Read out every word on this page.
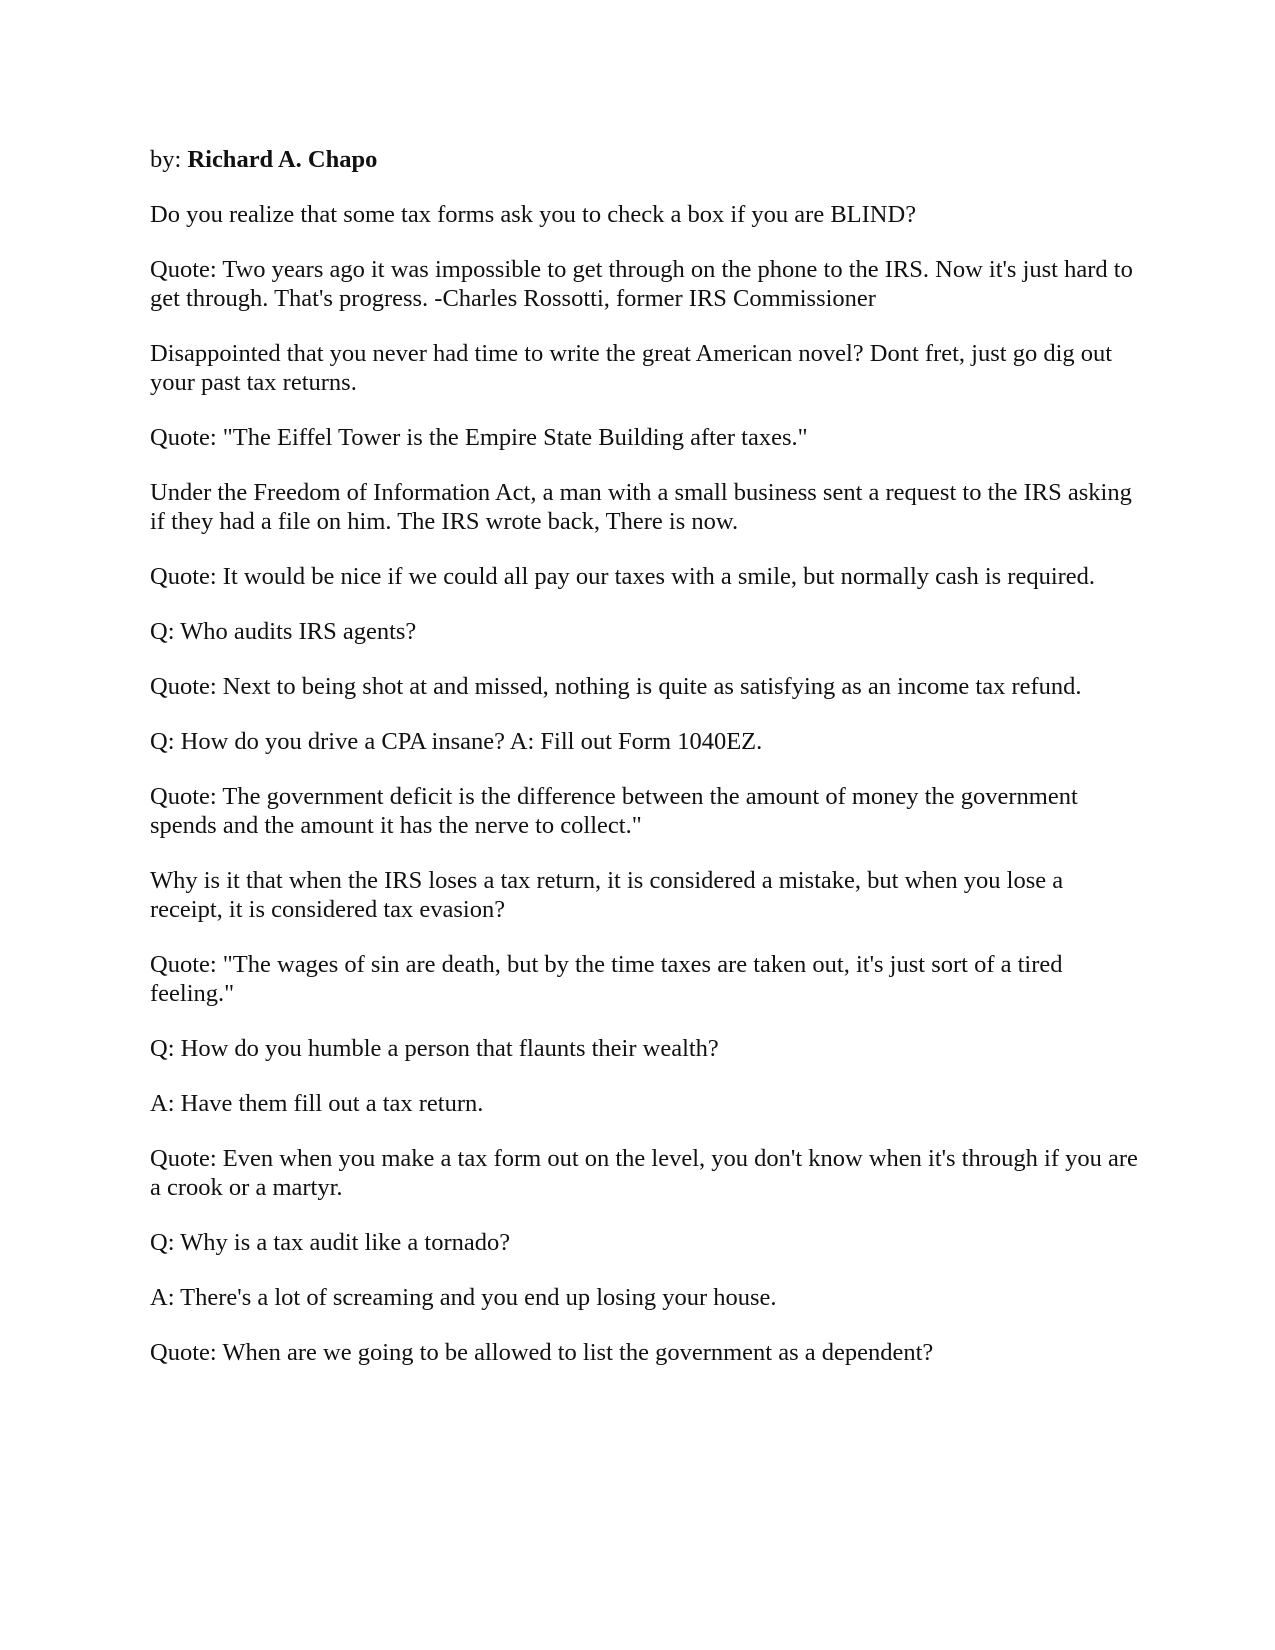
by: Richard A. Chapo

Do you realize that some tax forms ask you to check a box if you are BLIND?

Quote: Two years ago it was impossible to get through on the phone to the IRS. Now it's just hard to get through. That's progress. -Charles Rossotti, former IRS Commissioner

Disappointed that you never had time to write the great American novel? Dont fret, just go dig out your past tax returns.

Quote: "The Eiffel Tower is the Empire State Building after taxes."

Under the Freedom of Information Act, a man with a small business sent a request to the IRS asking if they had a file on him. The IRS wrote back, There is now.

Quote: It would be nice if we could all pay our taxes with a smile, but normally cash is required.

Q: Who audits IRS agents?

Quote: Next to being shot at and missed, nothing is quite as satisfying as an income tax refund.

Q: How do you drive a CPA insane? A: Fill out Form 1040EZ.

Quote: The government deficit is the difference between the amount of money the government spends and the amount it has the nerve to collect."

Why is it that when the IRS loses a tax return, it is considered a mistake, but when you lose a receipt, it is considered tax evasion?

Quote: "The wages of sin are death, but by the time taxes are taken out, it's just sort of a tired feeling."

Q: How do you humble a person that flaunts their wealth?

A: Have them fill out a tax return.

Quote: Even when you make a tax form out on the level, you don't know when it's through if you are a crook or a martyr.

Q: Why is a tax audit like a tornado?

A: There's a lot of screaming and you end up losing your house.

Quote: When are we going to be allowed to list the government as a dependent?
